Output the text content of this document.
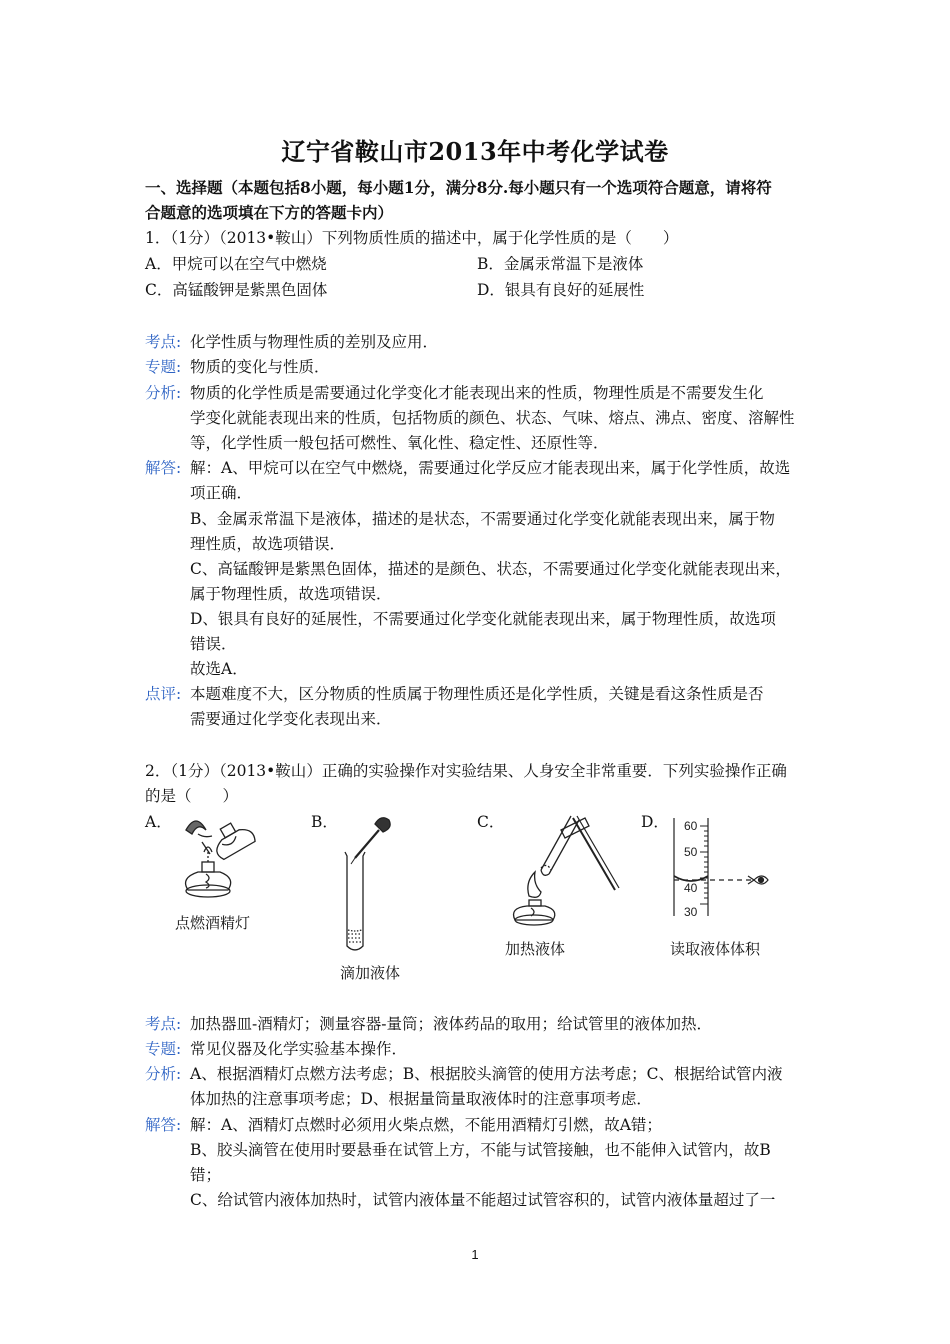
辽宁省鞍山市2013年中考化学试卷
一、选择题（本题包括8小题，每小题1分，满分8分.每小题只有一个选项符合题意，请将符
合题意的选项填在下方的答题卡内）
1．（1分）（2013•鞍山）下列物质性质的描述中，属于化学性质的是（　　）
A．甲烷可以在空气中燃烧	B．金属汞常温下是液体
C．高锰酸钾是紫黑色固体	D．银具有良好的延展性
考点: 化学性质与物理性质的差别及应用．
专题: 物质的变化与性质．
分析: 物质的化学性质是需要通过化学变化才能表现出来的性质，物理性质是不需要发生化
学变化就能表现出来的性质，包括物质的颜色、状态、气味、熔点、沸点、密度、溶解性
等，化学性质一般包括可燃性、氧化性、稳定性、还原性等．
解答: 解：A、甲烷可以在空气中燃烧，需要通过化学反应才能表现出来，属于化学性质，故选
项正确．
B、金属汞常温下是液体，描述的是状态，不需要通过化学变化就能表现出来，属于物
理性质，故选项错误．
C、高锰酸钾是紫黑色固体，描述的是颜色、状态，不需要通过化学变化就能表现出来，
属于物理性质，故选项错误．
D、银具有良好的延展性，不需要通过化学变化就能表现出来，属于物理性质，故选项
错误．
故选A．
点评: 本题难度不大，区分物质的性质属于物理性质还是化学性质，关键是看这条性质是否
需要通过化学变化表现出来．
2．（1分）（2013•鞍山）正确的实验操作对实验结果、人身安全非常重要．下列实验操作正确
的是（　　）
A．	B．	C．	D．
点燃酒精灯
滴加液体
加热液体
60
50
40
30
读取液体体积
考点: 加热器皿-酒精灯；测量容器-量筒；液体药品的取用；给试管里的液体加热．
专题: 常见仪器及化学实验基本操作．
分析: A、根据酒精灯点燃方法考虑；B、根据胶头滴管的使用方法考虑；C、根据给试管内液
体加热的注意事项考虑；D、根据量筒量取液体时的注意事项考虑．
解答: 解：A、酒精灯点燃时必须用火柴点燃，不能用酒精灯引燃，故A错；
B、胶头滴管在使用时要悬垂在试管上方，不能与试管接触，也不能伸入试管内，故B
错；
C、给试管内液体加热时，试管内液体量不能超过试管容积的，试管内液体量超过了一
1
